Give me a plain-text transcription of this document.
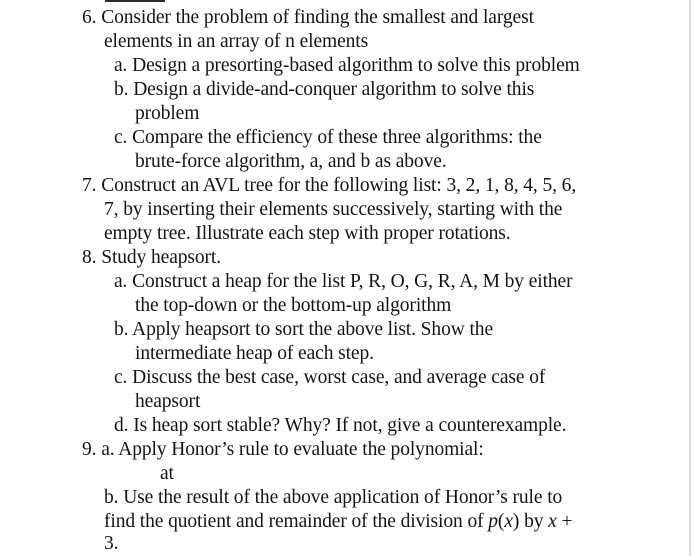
6. Consider the problem of finding the smallest and largest
elements in an array of n elements
a. Design a presorting-based algorithm to solve this problem
b. Design a divide-and-conquer algorithm to solve this
problem
c. Compare the efficiency of these three algorithms: the
brute-force algorithm, a, and b as above.
7. Construct an AVL tree for the following list: 3, 2, 1, 8, 4, 5, 6,
7, by inserting their elements successively, starting with the
empty tree. Illustrate each step with proper rotations.
8. Study heapsort.
a. Construct a heap for the list P, R, O, G, R, A, M by either
the top-down or the bottom-up algorithm
b. Apply heapsort to sort the above list. Show the
intermediate heap of each step.
c. Discuss the best case, worst case, and average case of
heapsort
d. Is heap sort stable? Why? If not, give a counterexample.
9. a. Apply Honor’s rule to evaluate the polynomial:
at
b. Use the result of the above application of Honor’s rule to
find the quotient and remainder of the division of p(x) by x +
3.
